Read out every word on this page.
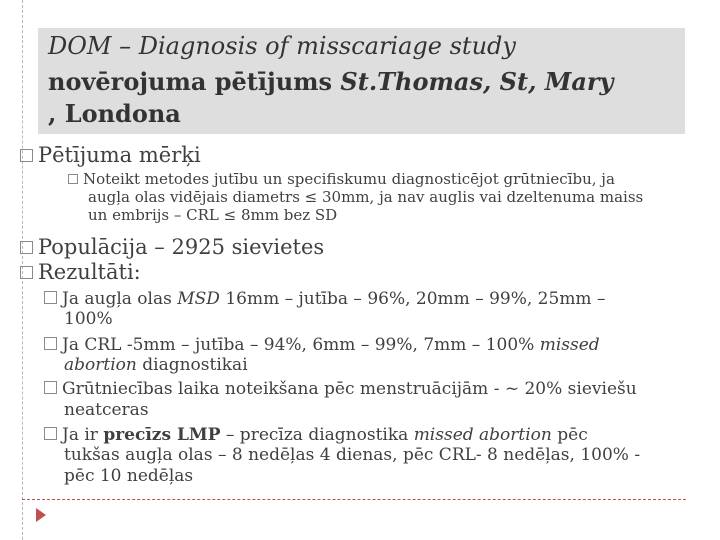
DOM – Diagnosis of misscariage study
novērojuma pētījums St.Thomas, St, Mary
, Londona
Pētījuma mērķi
Noteikt metodes jutību un specifiskumu diagnosticējot grūtniecību, ja
augļa olas vidējais diametrs ≤ 30mm, ja nav auglis vai dzeltenuma maiss
un embrijs – CRL ≤ 8mm bez SD
Populācija – 2925 sievietes
Rezultāti:
Ja augļa olas MSD 16mm – jutība – 96%, 20mm – 99%, 25mm –
100%
Ja CRL -5mm – jutība – 94%, 6mm – 99%, 7mm – 100% missed
abortion diagnostikai
Grūtniecības laika noteikšana pēc menstruācijām - ~ 20% sieviešu
neatceras
Ja ir precīzs LMP – precīza diagnostika missed abortion pēc
tukšas augļa olas – 8 nedēļas 4 dienas, pēc CRL- 8 nedēļas, 100% -
pēc 10 nedēļas
